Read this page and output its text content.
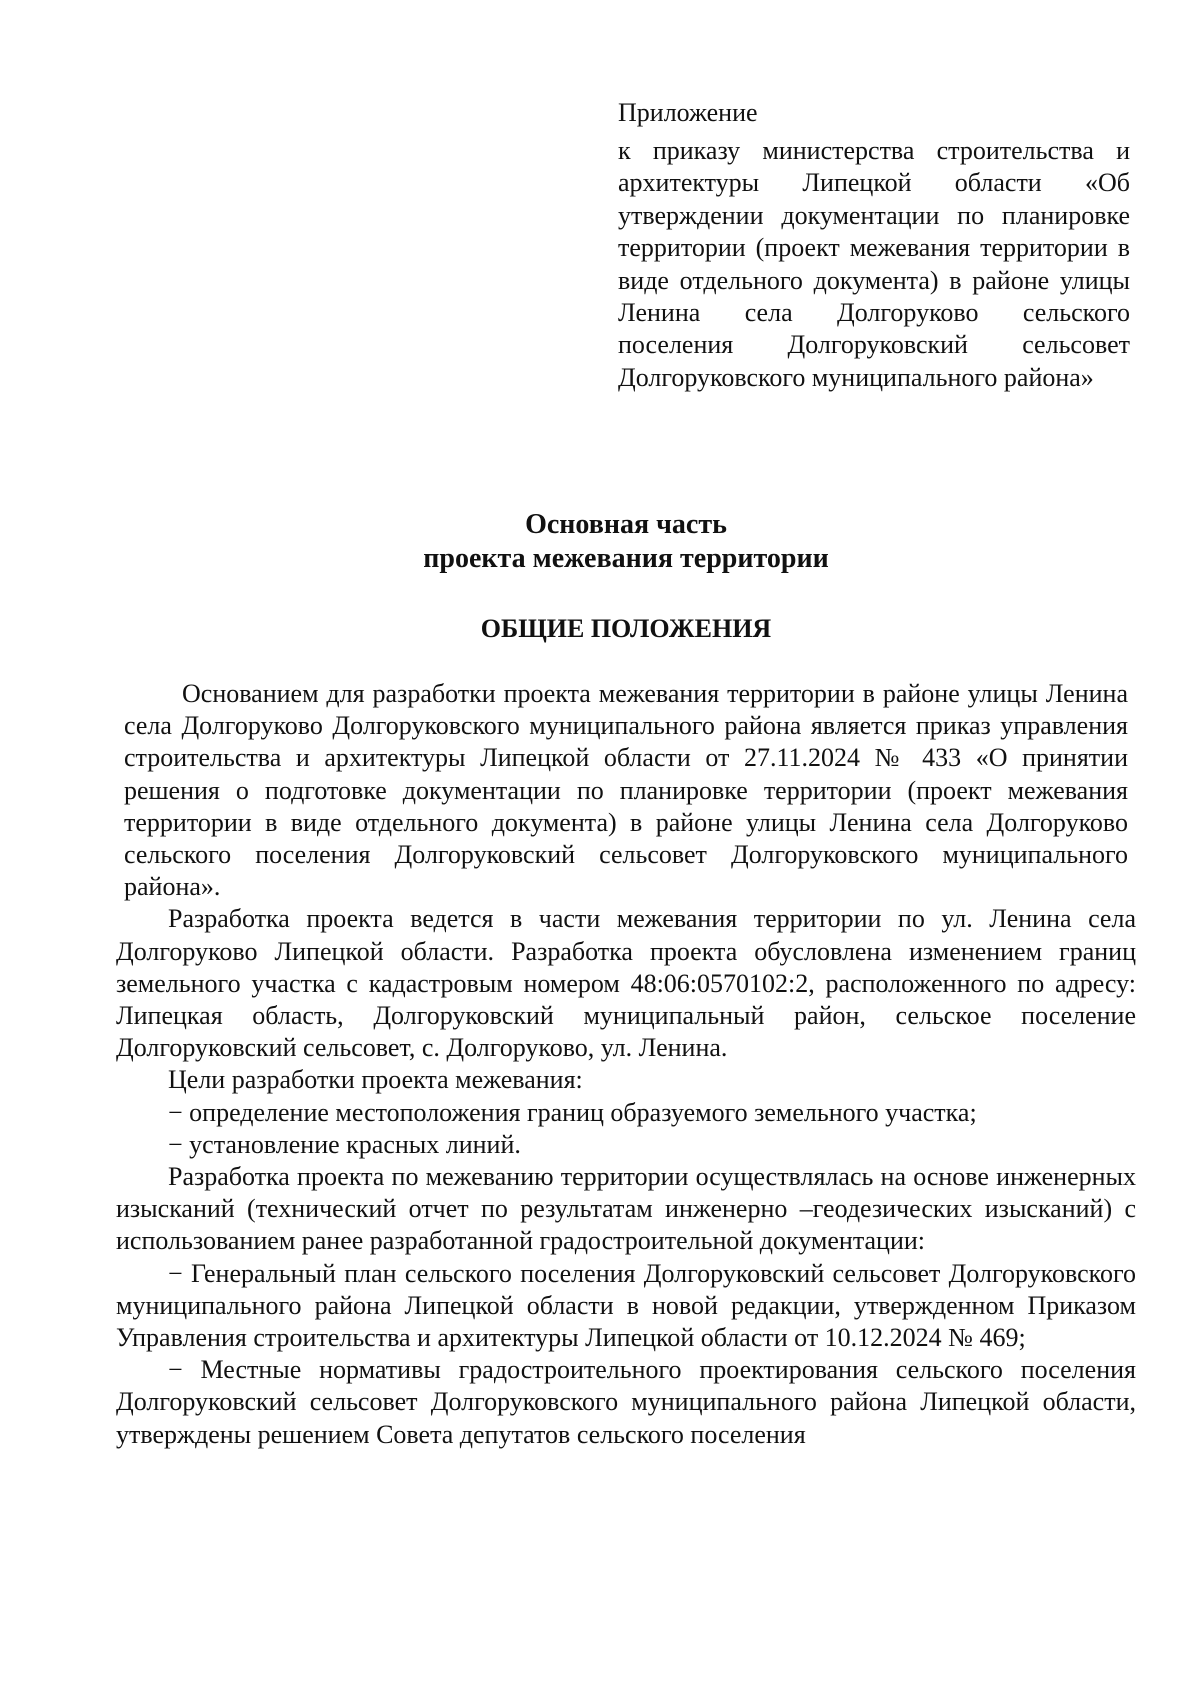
Приложение
к приказу министерства строительства и архитектуры Липецкой области «Об утверждении документации по планировке территории (проект межевания территории в виде отдельного документа) в районе улицы Ленина села Долгоруково сельского поселения Долгоруковский сельсовет Долгоруковского муниципального района»
Основная часть
проекта межевания территории
ОБЩИЕ ПОЛОЖЕНИЯ

Основанием для разработки проекта межевания территории в районе улицы Ленина села Долгоруково Долгоруковского муниципального района является приказ управления строительства и архитектуры Липецкой области от 27.11.2024 № 433 «О принятии решения о подготовке документации по планировке территории (проект межевания территории в виде отдельного документа) в районе улицы Ленина села Долгоруково сельского поселения Долгоруковский сельсовет Долгоруковского муниципального района».

Разработка проекта ведется в части межевания территории по ул. Ленина села Долгоруково Липецкой области. Разработка проекта обусловлена изменением границ земельного участка с кадастровым номером 48:06:0570102:2, расположенного по адресу: Липецкая область, Долгоруковский муниципальный район, сельское поселение Долгоруковский сельсовет, с. Долгоруково, ул. Ленина.

Цели разработки проекта межевания:

− определение местоположения границ образуемого земельного участка;

− установление красных линий.

Разработка проекта по межеванию территории осуществлялась на основе инженерных изысканий (технический отчет по результатам инженерно –геодезических изысканий) с использованием ранее разработанной градостроительной документации:

− Генеральный план сельского поселения Долгоруковский сельсовет Долгоруковского муниципального района Липецкой области в новой редакции, утвержденном Приказом Управления строительства и архитектуры Липецкой области от 10.12.2024 № 469;

− Местные нормативы градостроительного проектирования сельского поселения Долгоруковский сельсовет Долгоруковского муниципального района Липецкой области, утверждены решением Совета депутатов сельского поселения
